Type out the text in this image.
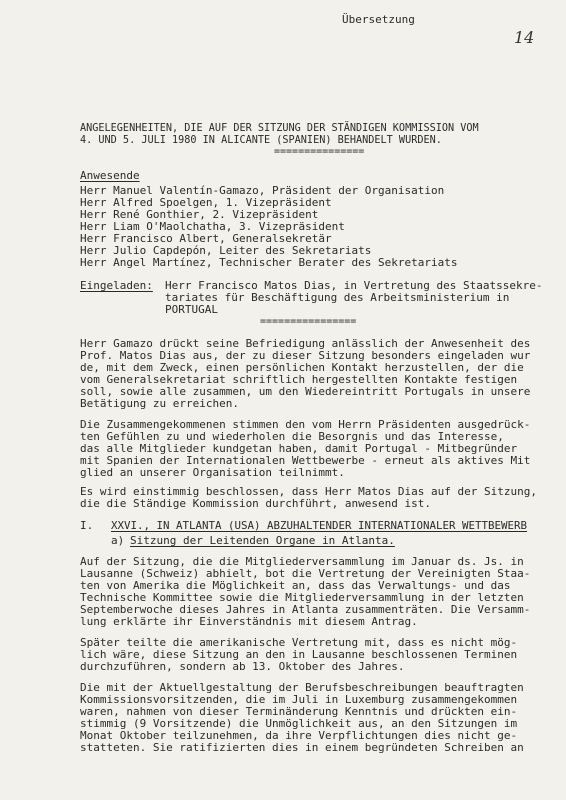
Übersetzung
14
ANGELEGENHEITEN, DIE AUF DER SITZUNG DER STÄNDIGEN KOMMISSION VOM
4. UND 5. JULI 1980 IN ALICANTE (SPANIEN) BEHANDELT WURDEN.
===============
Anwesende
Herr Manuel Valentín-Gamazo, Präsident der Organisation
Herr Alfred Spoelgen, 1. Vizepräsident
Herr René Gonthier, 2. Vizepräsident
Herr Liam O'Maolchatha, 3. Vizepräsident
Herr Francisco Albert, Generalsekretär
Herr Julio Capdepón, Leiter des Sekretariats
Herr Angel Martínez, Technischer Berater des Sekretariats
Eingeladen: Herr Francisco Matos Dias, in Vertretung des Staatssekre-
tariates für Beschäftigung des Arbeitsministerium in
PORTUGAL
================
Herr Gamazo drückt seine Befriedigung anlässlich der Anwesenheit des
Prof. Matos Dias aus, der zu dieser Sitzung besonders eingeladen wur
de, mit dem Zweck, einen persönlichen Kontakt herzustellen, der die
vom Generalsekretariat schriftlich hergestellten Kontakte festigen
soll, sowie alle zusammen, um den Wiedereintritt Portugals in unsere
Betätigung zu erreichen.
Die Zusammengekommenen stimmen den vom Herrn Präsidenten ausgedrück-
ten Gefühlen zu und wiederholen die Besorgnis und das Interesse,
das alle Mitglieder kundgetan haben, damit Portugal - Mitbegründer
mit Spanien der Internationalen Wettbewerbe - erneut als aktives Mit
glied an unserer Organisation teilnimmt.
Es wird einstimmig beschlossen, dass Herr Matos Dias auf der Sitzung,
die die Ständige Kommission durchführt, anwesend ist.
I. XXVI., IN ATLANTA (USA) ABZUHALTENDER INTERNATIONALER WETTBEWERB
a) Sitzung der Leitenden Organe in Atlanta.
Auf der Sitzung, die die Mitgliederversammlung im Januar ds. Js. in
Lausanne (Schweiz) abhielt, bot die Vertretung der Vereinigten Staa-
ten von Amerika die Möglichkeit an, dass das Verwaltungs- und das
Technische Kommittee sowie die Mitgliederversammlung in der letzten
Septemberwoche dieses Jahres in Atlanta zusammenträten. Die Versamm-
lung erklärte ihr Einverständnis mit diesem Antrag.
Später teilte die amerikanische Vertretung mit, dass es nicht mög-
lich wäre, diese Sitzung an den in Lausanne beschlossenen Terminen
durchzuführen, sondern ab 13. Oktober des Jahres.
Die mit der Aktuellgestaltung der Berufsbeschreibungen beauftragten
Kommissionsvorsitzenden, die im Juli in Luxemburg zusammengekommen
waren, nahmen von dieser Terminänderung Kenntnis und drückten ein-
stimmig (9 Vorsitzende) die Unmöglichkeit aus, an den Sitzungen im
Monat Oktober teilzunehmen, da ihre Verpflichtungen dies nicht ge-
statteten. Sie ratifizierten dies in einem begründeten Schreiben an
